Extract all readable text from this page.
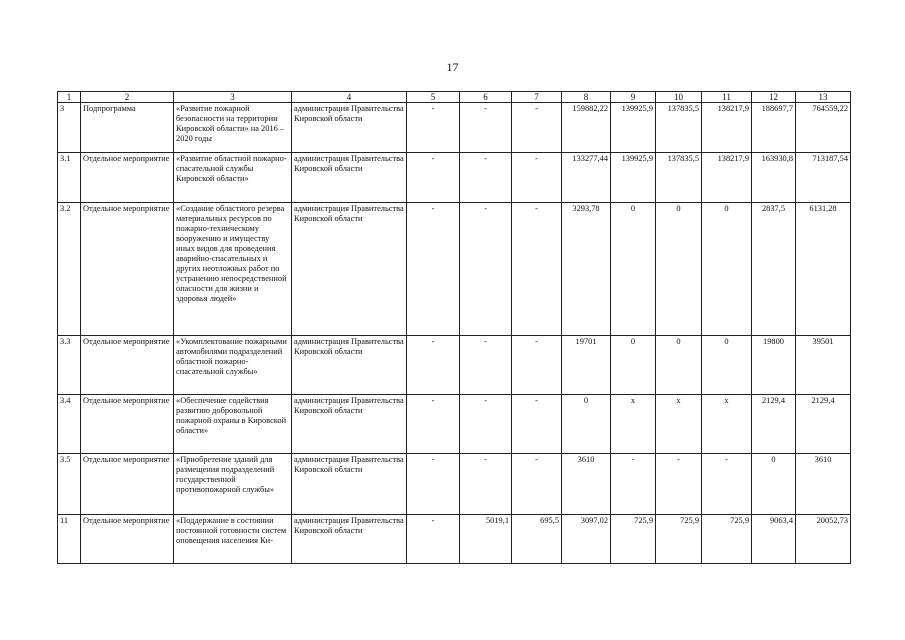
17
1	2	3	4	5	6	7	8	9	10	11	12	13
3	Подпрограмма	«Развитие пожарной безопасности на территории Кировской области» на 2016 – 2020 годы	администрация Правительства Кировской области	-	-	-	159882,22	139925,9	137835,5	138217,9	188697,7	764559,22
3.1	Отдельное мероприятие	«Развитие областной пожарно-спасательной службы Кировской области»	администрация Правительства Кировской области	-	-	-	133277,44	139925,9	137835,5	138217,9	163930,8	713187,54
3.2	Отдельное мероприятие	«Создание областного резерва материальных ресурсов по пожарно-техническому вооружению и имуществу иных видов для проведения аварийно-спасательных и других неотложных работ по устранению непосредственной опасности для жизни и здоровья людей»	администрация Правительства Кировской области	-	-	-	3293,78	0	0	0	2837,5	6131,28
3.3	Отдельное мероприятие	«Укомплектование пожарными автомобилями подразделений областной пожарно-спасательной службы»	администрация Правительства Кировской области	-	-	-	19701	0	0	0	19800	39501
3.4	Отдельное мероприятие	«Обеспечение содействия развитию добровольной пожарной охраны в Кировской области»	администрация Правительства Кировской области	-	-	-	0	х	х	х	2129,4	2129,4
3.5	Отдельное мероприятие	«Приобретение зданий для размещения подразделений государственной противопожарной службы»	администрация Правительства Кировской области	-	-	-	3610	-	-	-	0	3610
11	Отдельное мероприятие	«Поддержание в состоянии постоянной готовности систем оповещения населения Ки-	администрация Правительства Кировской области	-	5019,1	695,5	3097,02	725,9	725,9	725,9	9063,4	20052,73
